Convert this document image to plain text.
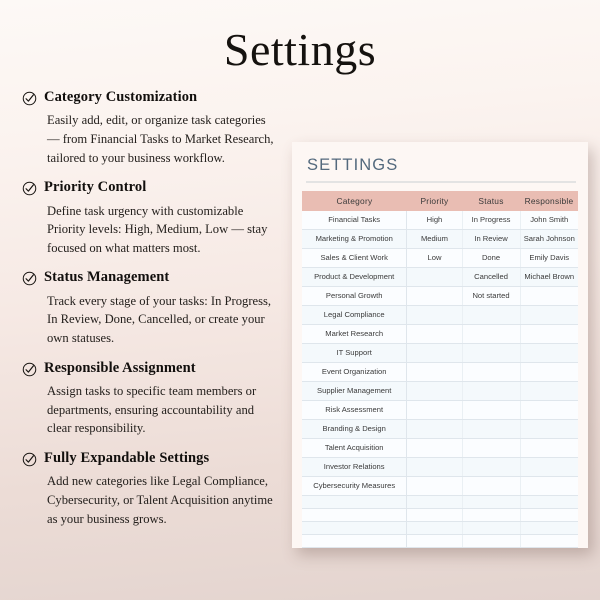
Settings
Category Customization
Easily add, edit, or organize task categories — from Financial Tasks to Market Research, tailored to your business workflow.
Priority Control
Define task urgency with customizable Priority levels: High, Medium, Low — stay focused on what matters most.
Status Management
Track every stage of your tasks: In Progress, In Review, Done, Cancelled, or create your own statuses.
Responsible Assignment
Assign tasks to specific team members or departments, ensuring accountability and clear responsibility.
Fully Expandable Settings
Add new categories like Legal Compliance, Cybersecurity, or Talent Acquisition anytime as your business grows.
SETTINGS
Category	Priority	Status	Responsible
Financial Tasks	High	In Progress	John Smith
Marketing & Promotion	Medium	In Review	Sarah Johnson
Sales & Client Work	Low	Done	Emily Davis
Product & Development		Cancelled	Michael Brown
Personal Growth		Not started	
Legal Compliance			
Market Research			
IT Support			
Event Organization			
Supplier Management			
Risk Assessment			
Branding & Design			
Talent Acquisition			
Investor Relations			
Cybersecurity Measures			
